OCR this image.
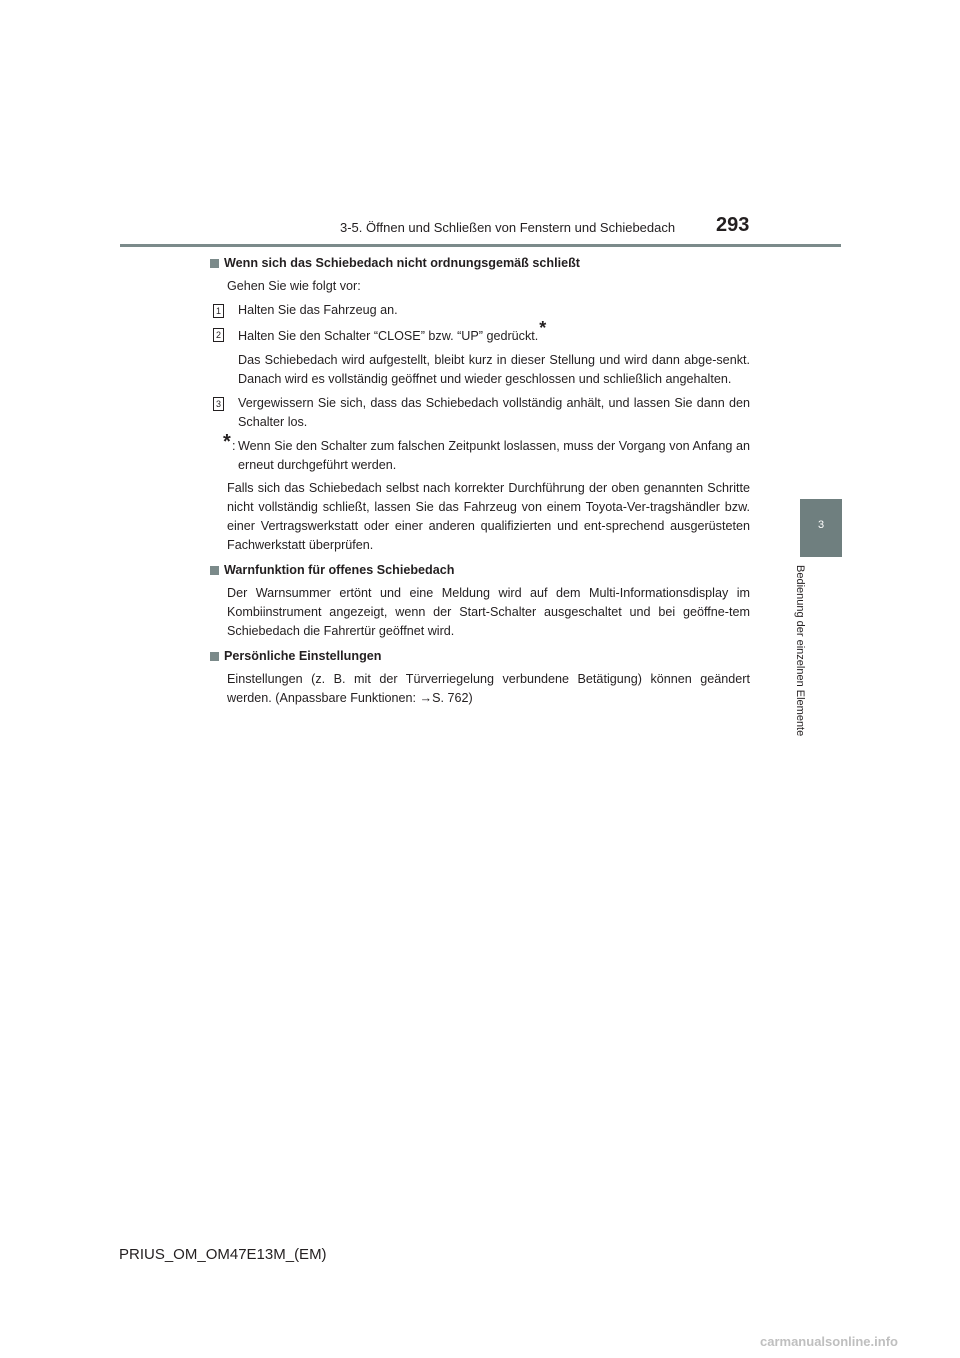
3-5. Öffnen und Schließen von Fenstern und Schiebedach	293
3
Bedienung der einzelnen Elemente

Wenn sich das Schiebedach nicht ordnungsgemäß schließt

Gehen Sie wie folgt vor:

1 Halten Sie das Fahrzeug an.

2 Halten Sie den Schalter “CLOSE” bzw. “UP” gedrückt.*

Das Schiebedach wird aufgestellt, bleibt kurz in dieser Stellung und wird dann abge-senkt. Danach wird es vollständig geöffnet und wieder geschlossen und schließlich angehalten.

3 Vergewissern Sie sich, dass das Schiebedach vollständig anhält, und lassen Sie dann den Schalter los.

* : Wenn Sie den Schalter zum falschen Zeitpunkt loslassen, muss der Vorgang von Anfang an erneut durchgeführt werden.

Falls sich das Schiebedach selbst nach korrekter Durchführung der oben genannten Schritte nicht vollständig schließt, lassen Sie das Fahrzeug von einem Toyota-Ver-tragshändler bzw. einer Vertragswerkstatt oder einer anderen qualifizierten und ent-sprechend ausgerüsteten Fachwerkstatt überprüfen.

Warnfunktion für offenes Schiebedach

Der Warnsummer ertönt und eine Meldung wird auf dem Multi-Informationsdisplay im Kombiinstrument angezeigt, wenn der Start-Schalter ausgeschaltet und bei geöffne-tem Schiebedach die Fahrertür geöffnet wird.

Persönliche Einstellungen

Einstellungen (z. B. mit der Türverriegelung verbundene Betätigung) können geändert werden. (Anpassbare Funktionen: →S. 762)

PRIUS_OM_OM47E13M_(EM)
carmanualsonline.info
